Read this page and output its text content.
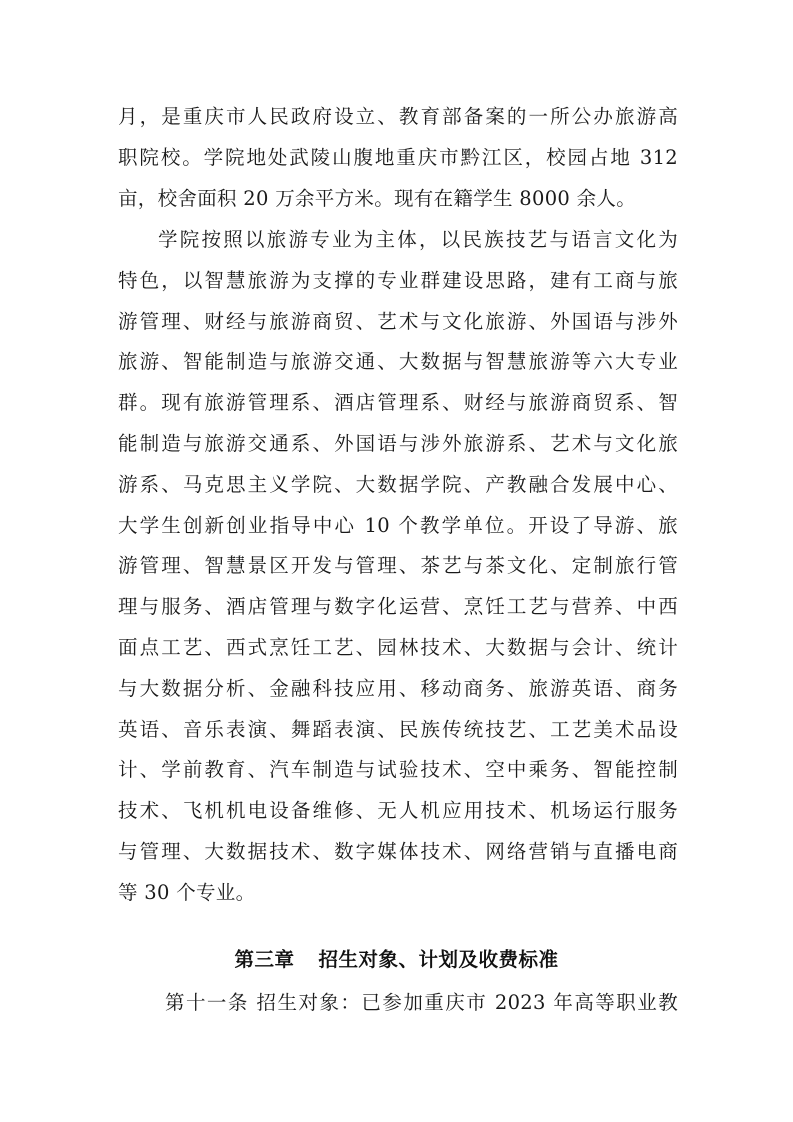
月，是重庆市人民政府设立、教育部备案的一所公办旅游高
职院校。学院地处武陵山腹地重庆市黔江区，校园占地 312
亩，校舍面积 20 万余平方米。现有在籍学生 8000 余人。
学院按照以旅游专业为主体，以民族技艺与语言文化为
特色，以智慧旅游为支撑的专业群建设思路，建有工商与旅
游管理、财经与旅游商贸、艺术与文化旅游、外国语与涉外
旅游、智能制造与旅游交通、大数据与智慧旅游等六大专业
群。现有旅游管理系、酒店管理系、财经与旅游商贸系、智
能制造与旅游交通系、外国语与涉外旅游系、艺术与文化旅
游系、马克思主义学院、大数据学院、产教融合发展中心、
大学生创新创业指导中心 10 个教学单位。开设了导游、旅
游管理、智慧景区开发与管理、茶艺与茶文化、定制旅行管
理与服务、酒店管理与数字化运营、烹饪工艺与营养、中西
面点工艺、西式烹饪工艺、园林技术、大数据与会计、统计
与大数据分析、金融科技应用、移动商务、旅游英语、商务
英语、音乐表演、舞蹈表演、民族传统技艺、工艺美术品设
计、学前教育、汽车制造与试验技术、空中乘务、智能控制
技术、飞机机电设备维修、无人机应用技术、机场运行服务
与管理、大数据技术、数字媒体技术、网络营销与直播电商
等 30 个专业。
第三章 招生对象、计划及收费标准
第十一条 招生对象：已参加重庆市 2023 年高等职业教
